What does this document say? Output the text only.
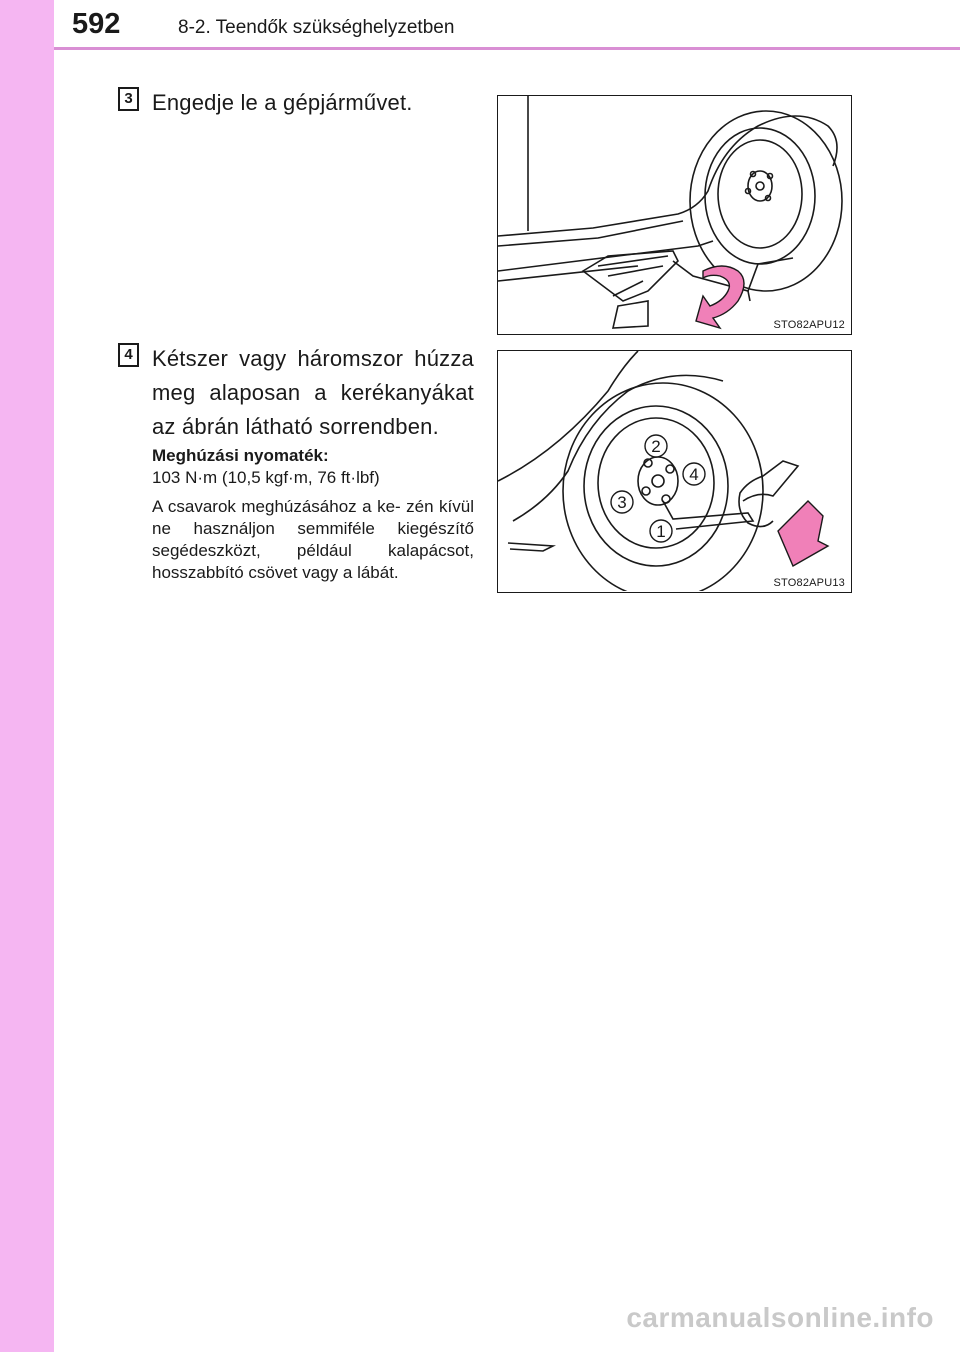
592	8-2. Teendők szükséghelyzetben
3 Engedje le a gépjárművet.
STO82APU12
4 Kétszer vagy háromszor húzza meg alaposan a kerékanyákat az ábrán látható sorrendben.
Meghúzási nyomaték:
103 N·m (10,5 kgf·m, 76 ft·lbf)
A csavarok meghúzásához a ke- zén kívül ne használjon semmiféle kiegészítő segédeszközt, például kalapácsot, hosszabbító csövet vagy a lábát.
1
2
3
4
STO82APU13
carmanualsonline.info
